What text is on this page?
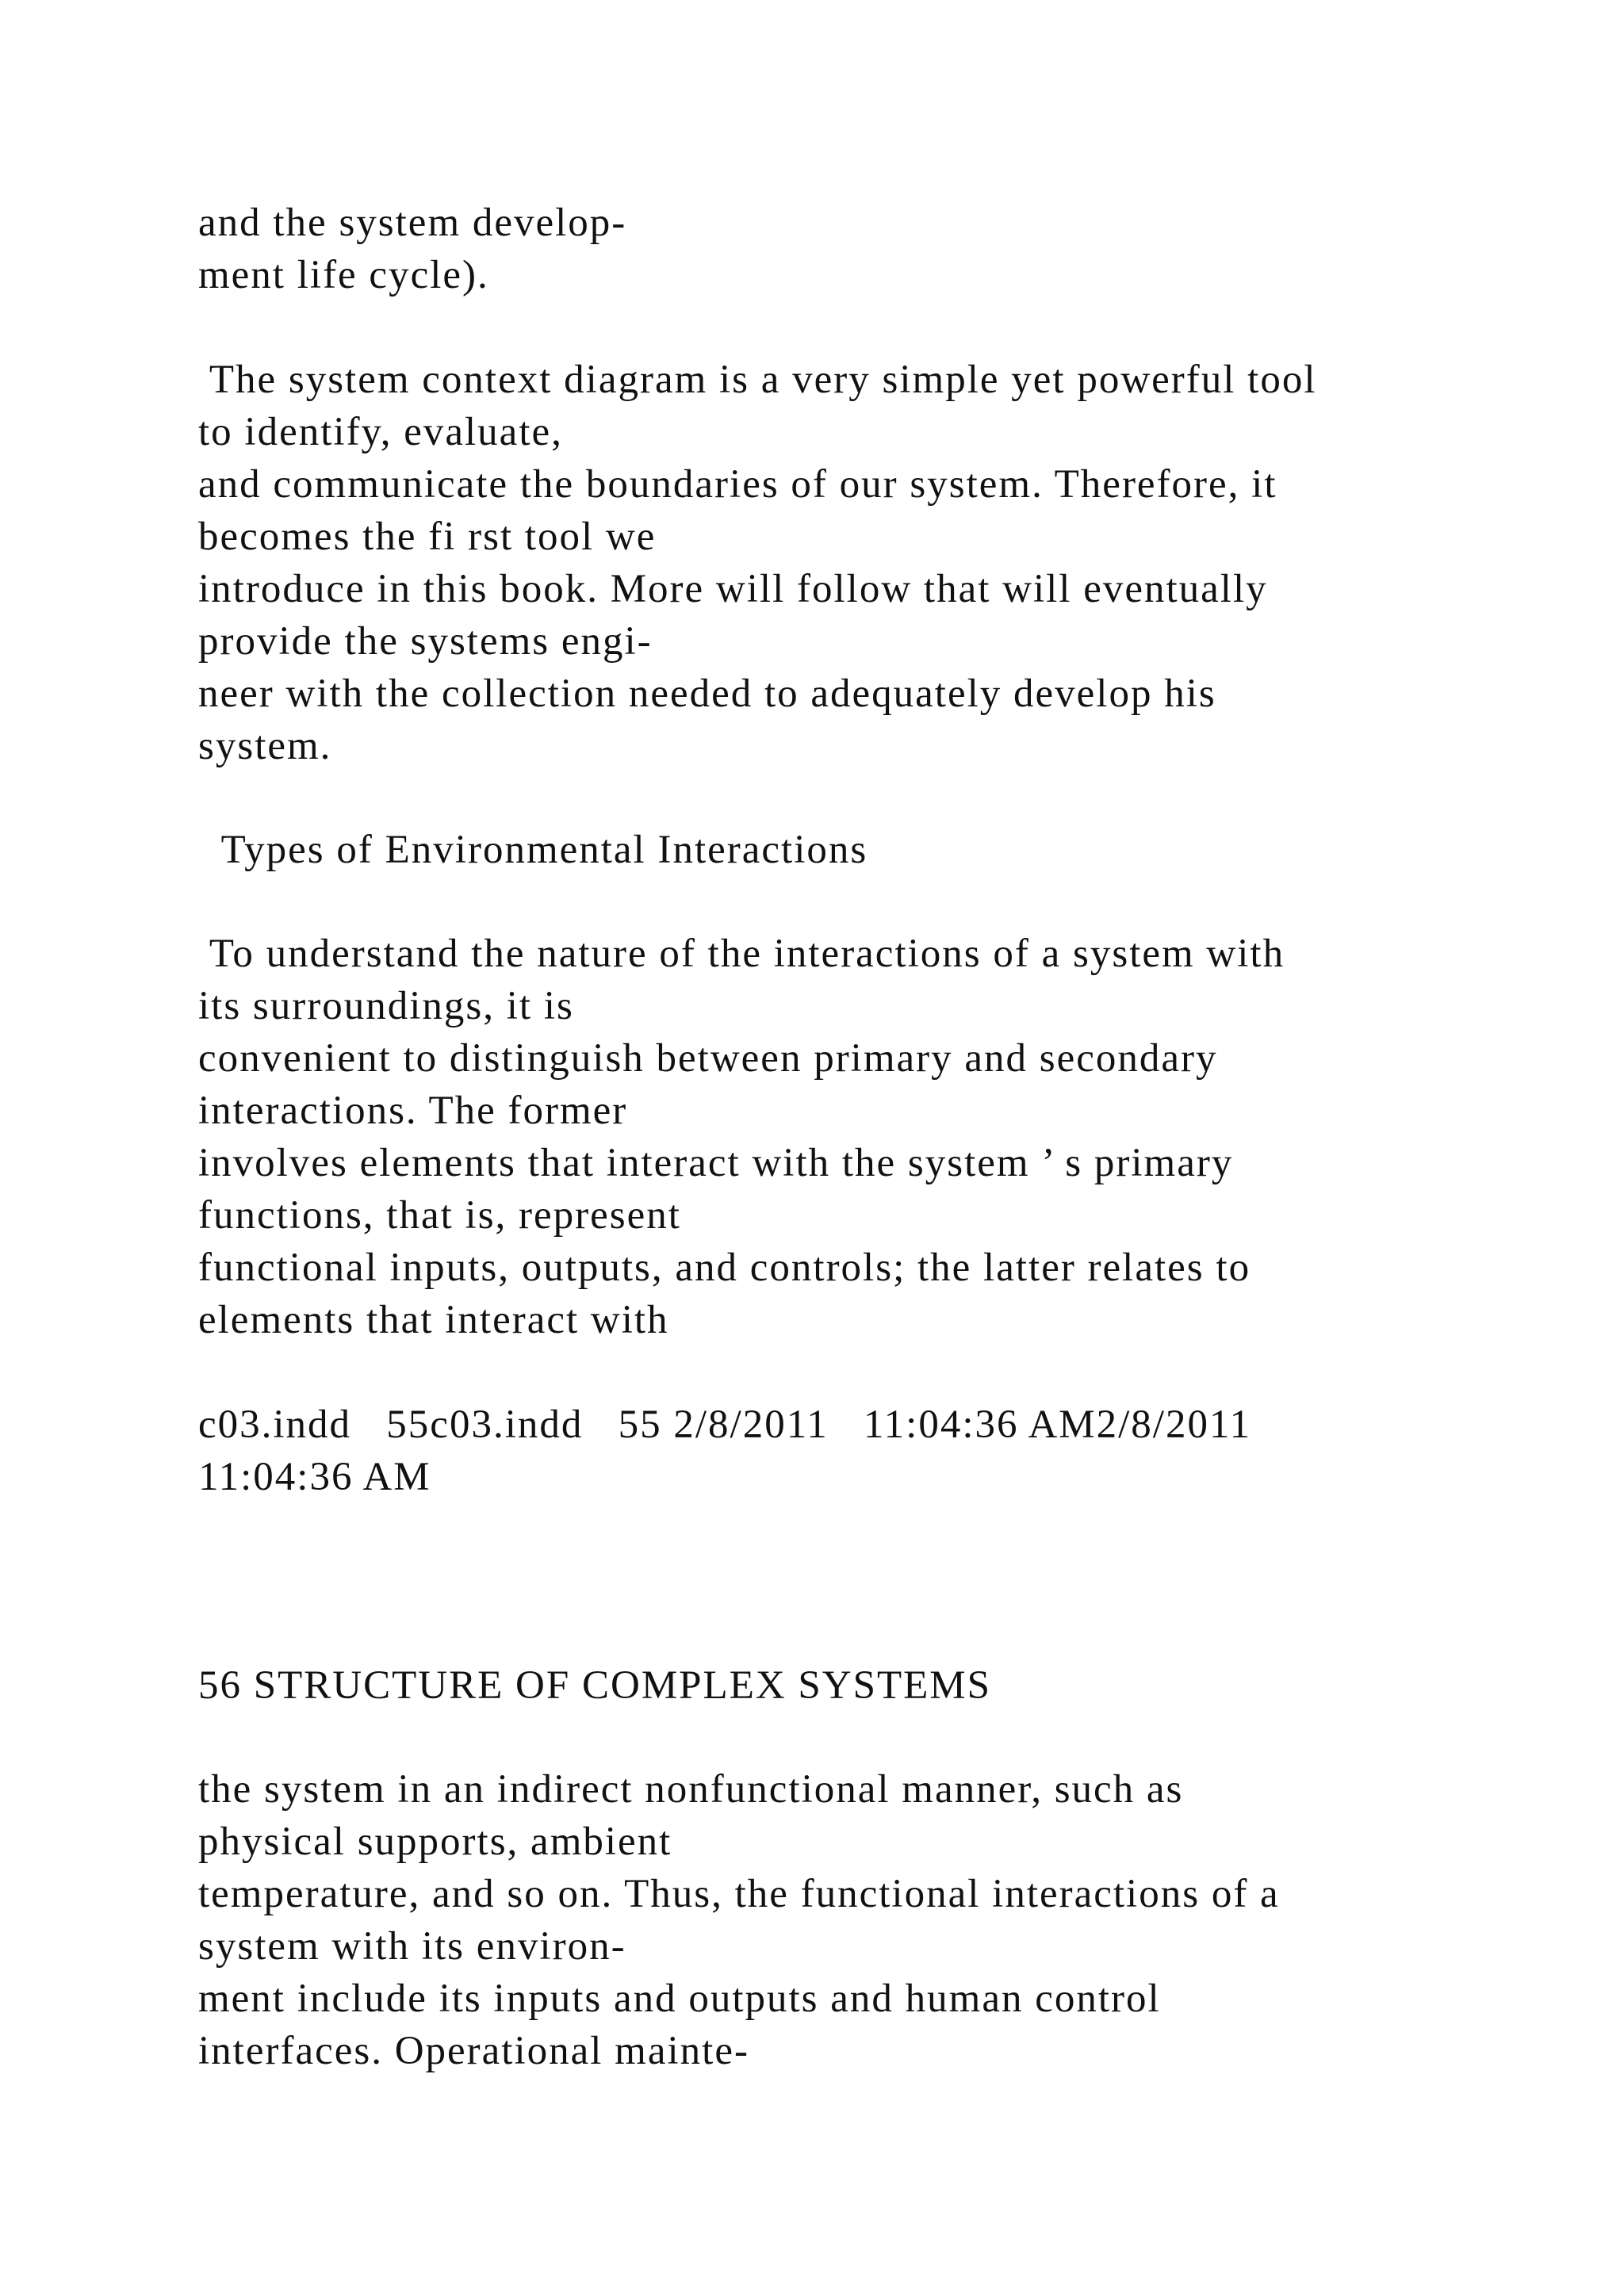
and the system develop-

ment life cycle).

The system context diagram is a very simple yet powerful tool

to identify, evaluate,

and communicate the boundaries of our system. Therefore, it

becomes the fi rst tool we

introduce in this book. More will follow that will eventually

provide the systems engi-

neer with the collection needed to adequately develop his

system.

Types of Environmental Interactions

To understand the nature of the interactions of a system with

its surroundings, it is

convenient to distinguish between primary and secondary

interactions. The former

involves elements that interact with the system ’ s primary

functions, that is, represent

functional inputs, outputs, and controls; the latter relates to

elements that interact with

c03.indd   55c03.indd   55 2/8/2011   11:04:36 AM2/8/2011

11:04:36 AM

56 STRUCTURE OF COMPLEX SYSTEMS

the system in an indirect nonfunctional manner, such as

physical supports, ambient

temperature, and so on. Thus, the functional interactions of a

system with its environ-

ment include its inputs and outputs and human control

interfaces. Operational mainte-
